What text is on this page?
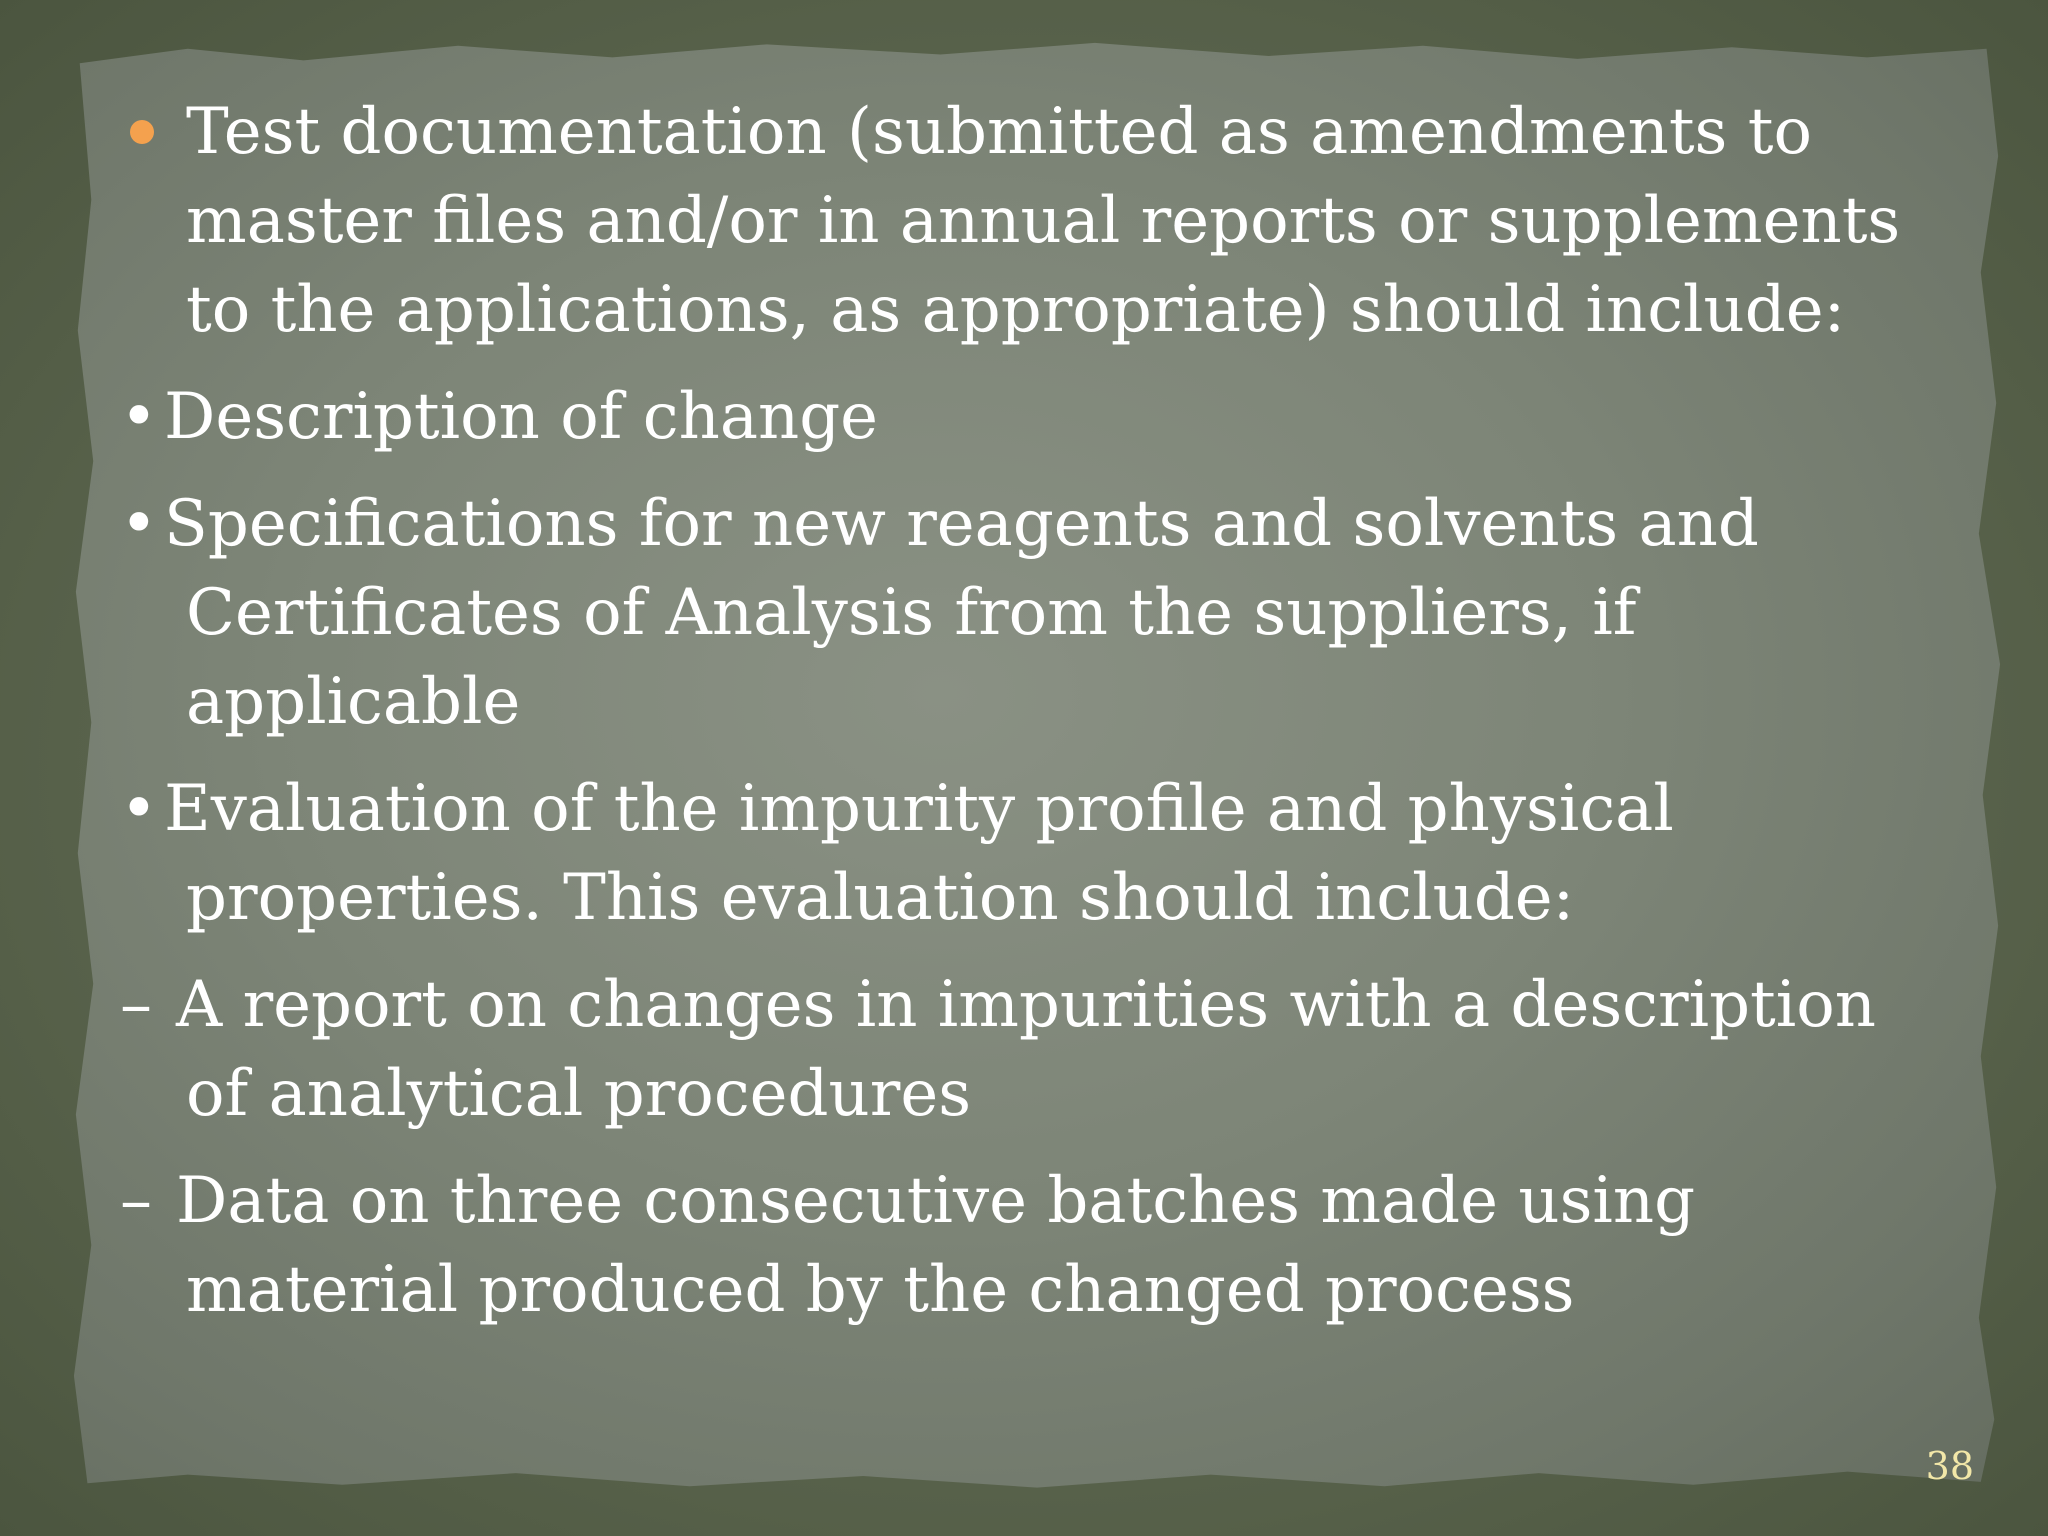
Test documentation (submitted as amendments to master files and/or in annual reports or supplements to the applications, as appropriate) should include:
•Description of change
•Specifications for new reagents and solvents and Certificates of Analysis from the suppliers, if applicable
•Evaluation of the impurity profile and physical properties. This evaluation should include:
– A report on changes in impurities with a description of analytical procedures
– Data on three consecutive batches made using material produced by the changed process
38
